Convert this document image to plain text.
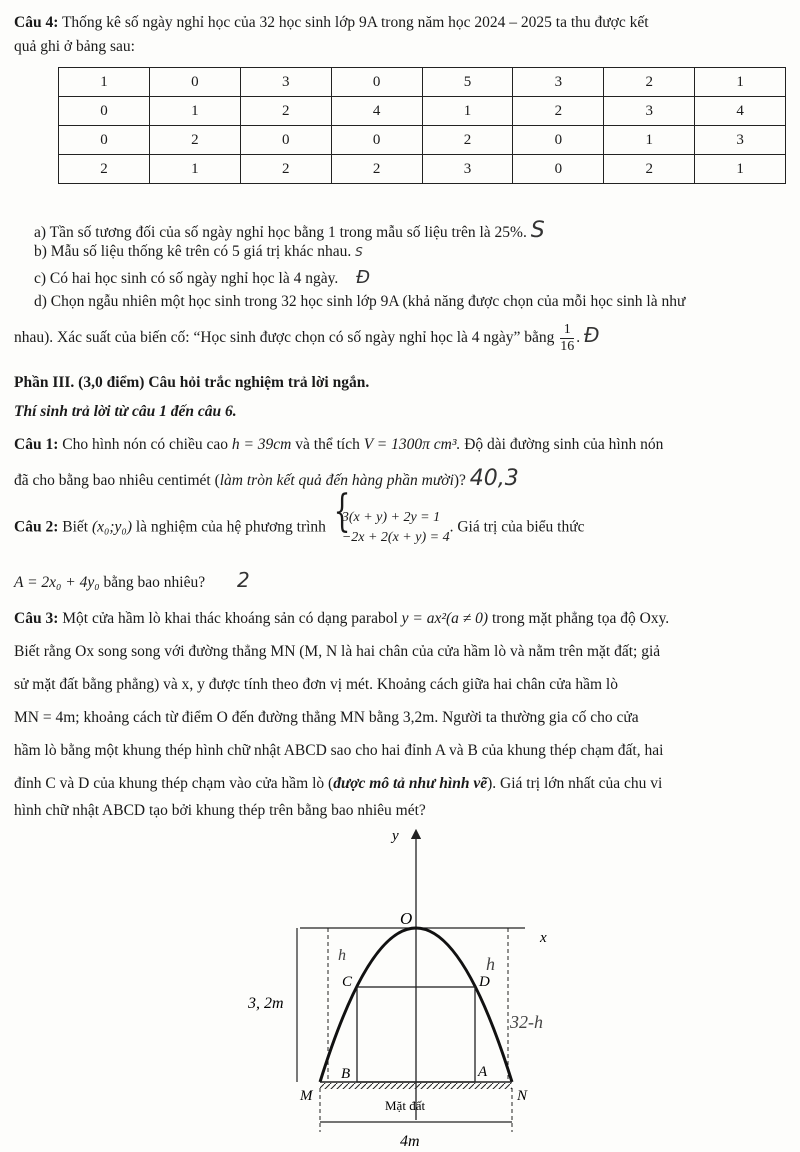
Câu 4: Thống kê số ngày nghỉ học của 32 học sinh lớp 9A trong năm học 2024 – 2025 ta thu được kết
quả ghi ở bảng sau:
1	0	3	0	5	3	2	1
0	1	2	4	1	2	3	4
0	2	0	0	2	0	1	3
2	1	2	2	3	0	2	1
a) Tần số tương đối của số ngày nghỉ học bằng 1 trong mẫu số liệu trên là 25%. S
b) Mẫu số liệu thống kê trên có 5 giá trị khác nhau. S
c) Có hai học sinh có số ngày nghỉ học là 4 ngày. Đ
d) Chọn ngẫu nhiên một học sinh trong 32 học sinh lớp 9A (khả năng được chọn của mỗi học sinh là như
nhau). Xác suất của biến cố: “Học sinh được chọn có số ngày nghỉ học là 4 ngày” bằng $\frac{1}{16}$ . Đ
Phần III. (3,0 điểm) Câu hỏi trắc nghiệm trả lời ngắn.
Thí sinh trả lời từ câu 1 đến câu 6.
Câu 1: Cho hình nón có chiều cao h = 39cm và thể tích V = 1300π cm³. Độ dài đường sinh của hình nón
đã cho bằng bao nhiêu centimét (làm tròn kết quả đến hàng phần mười)? 40,3
Câu 2: Biết (x₀;y₀) là nghiệm của hệ phương trình
{ 3(x + y) + 2y = 1
−2x + 2(x + y) = 4
. Giá trị của biểu thức
A = 2x₀ + 4y₀ bằng bao nhiêu? 2
Câu 3: Một cửa hầm lò khai thác khoáng sản có dạng parabol y = ax²(a ≠ 0) trong mặt phẳng tọa độ Oxy.
Biết rằng Ox song song với đường thẳng MN (M, N là hai chân của cửa hầm lò và nằm trên mặt đất; giả
sử mặt đất bằng phẳng) và x, y được tính theo đơn vị mét. Khoảng cách giữa hai chân cửa hầm lò
MN = 4m; khoảng cách từ điểm O đến đường thẳng MN bằng 3,2m. Người ta thường gia cố cho cửa
hầm lò bằng một khung thép hình chữ nhật ABCD sao cho hai đỉnh A và B của khung thép chạm đất, hai
đỉnh C và D của khung thép chạm vào cửa hầm lò (được mô tả như hình vẽ). Giá trị lớn nhất của chu vi
hình chữ nhật ABCD tạo bởi khung thép trên bằng bao nhiêu mét?
y
x
O
C	D
B	A
M	N
Mặt đất
3, 2m
4m
h	h
32-h
